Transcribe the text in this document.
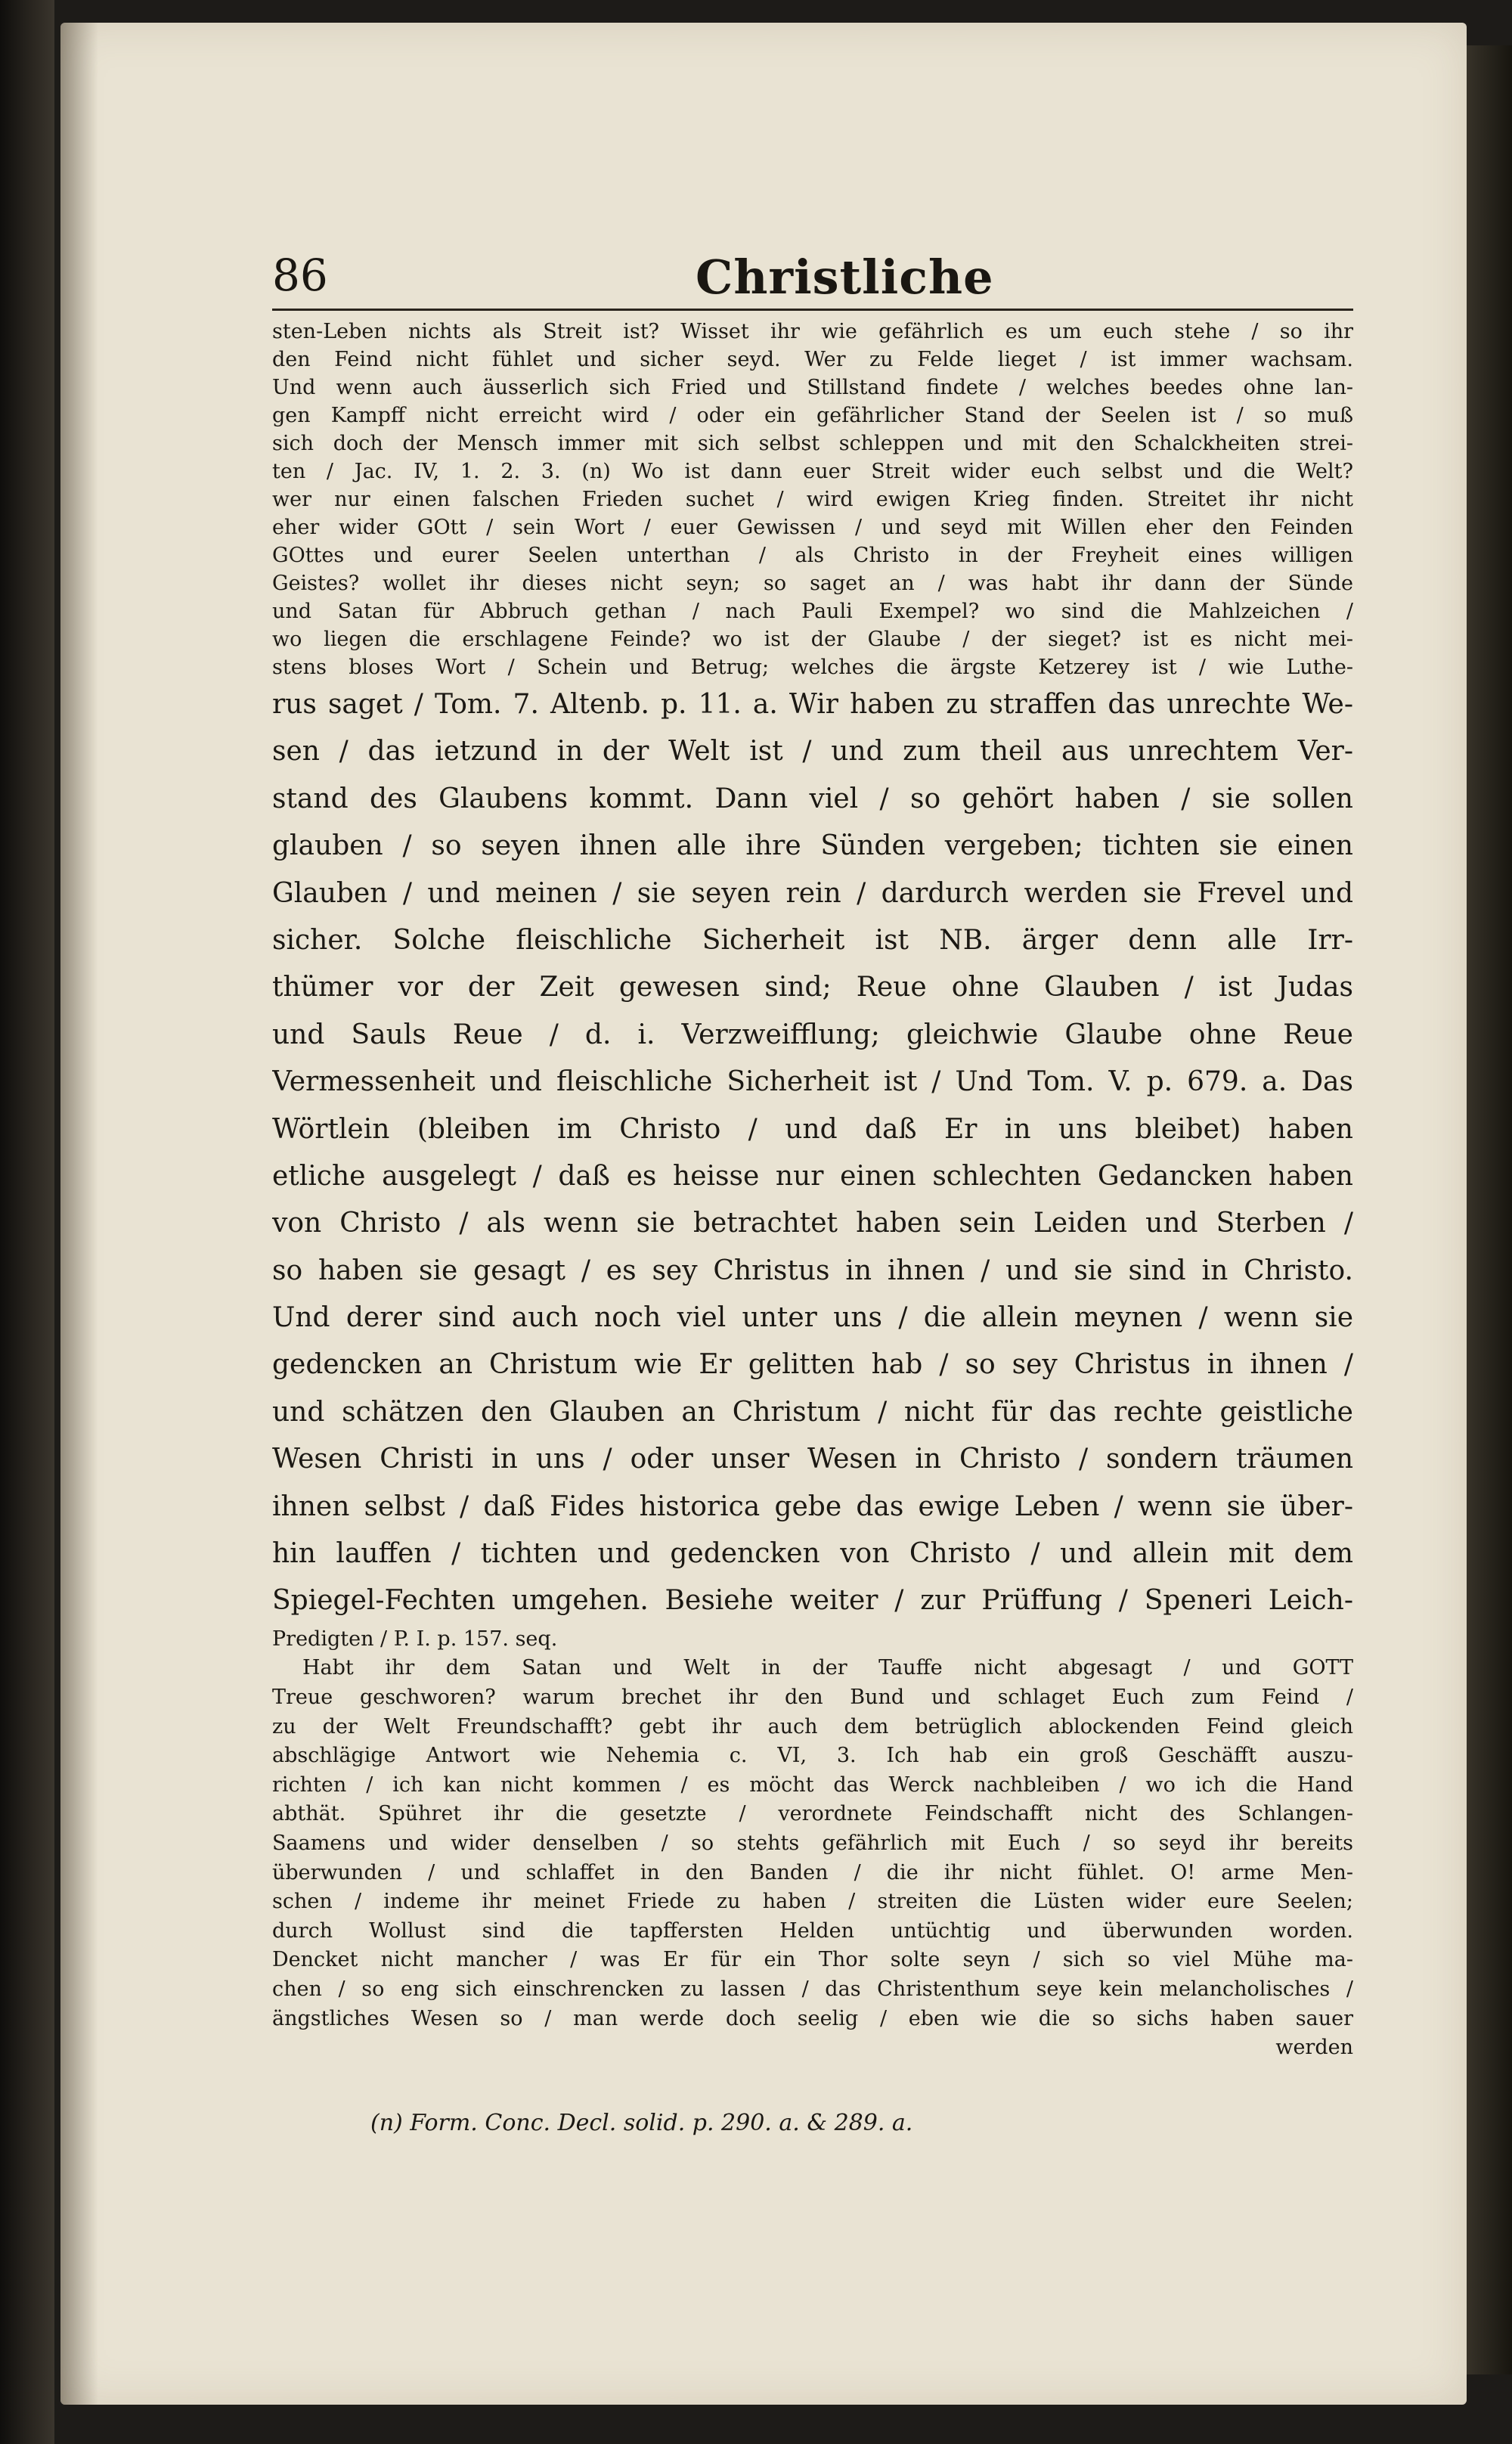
86	Christliche
sten-Leben nichts als Streit ist? Wisset ihr wie gefährlich es um euch stehe / so ihr
den Feind nicht fühlet und sicher seyd. Wer zu Felde lieget / ist immer wachsam.
Und wenn auch äusserlich sich Fried und Stillstand findete / welches beedes ohne lan-
gen Kampff nicht erreicht wird / oder ein gefährlicher Stand der Seelen ist / so muß
sich doch der Mensch immer mit sich selbst schleppen und mit den Schalckheiten strei-
ten / Jac. IV, 1. 2. 3. (n) Wo ist dann euer Streit wider euch selbst und die Welt?
wer nur einen falschen Frieden suchet / wird ewigen Krieg finden. Streitet ihr nicht
eher wider GOtt / sein Wort / euer Gewissen / und seyd mit Willen eher den Feinden
GOttes und eurer Seelen unterthan / als Christo in der Freyheit eines willigen
Geistes? wollet ihr dieses nicht seyn; so saget an / was habt ihr dann der Sünde
und Satan für Abbruch gethan / nach Pauli Exempel? wo sind die Mahlzeichen /
wo liegen die erschlagene Feinde? wo ist der Glaube / der sieget? ist es nicht mei-
stens bloses Wort / Schein und Betrug; welches die ärgste Ketzerey ist / wie Luthe-
rus saget / Tom. 7. Altenb. p. 11. a. Wir haben zu straffen das unrechte We-
sen / das ietzund in der Welt ist / und zum theil aus unrechtem Ver-
stand des Glaubens kommt. Dann viel / so gehört haben / sie sollen
glauben / so seyen ihnen alle ihre Sünden vergeben; tichten sie einen
Glauben / und meinen / sie seyen rein / dardurch werden sie Frevel und
sicher. Solche fleischliche Sicherheit ist NB. ärger denn alle Irr-
thümer vor der Zeit gewesen sind; Reue ohne Glauben / ist Judas
und Sauls Reue / d. i. Verzweifflung; gleichwie Glaube ohne Reue
Vermessenheit und fleischliche Sicherheit ist / Und Tom. V. p. 679. a. Das
Wörtlein (bleiben im Christo / und daß Er in uns bleibet) haben
etliche ausgelegt / daß es heisse nur einen schlechten Gedancken haben
von Christo / als wenn sie betrachtet haben sein Leiden und Sterben /
so haben sie gesagt / es sey Christus in ihnen / und sie sind in Christo.
Und derer sind auch noch viel unter uns / die allein meynen / wenn sie
gedencken an Christum wie Er gelitten hab / so sey Christus in ihnen /
und schätzen den Glauben an Christum / nicht für das rechte geistliche
Wesen Christi in uns / oder unser Wesen in Christo / sondern träumen
ihnen selbst / daß Fides historica gebe das ewige Leben / wenn sie über-
hin lauffen / tichten und gedencken von Christo / und allein mit dem
Spiegel-Fechten umgehen. Besiehe weiter / zur Prüffung / Speneri Leich-
Predigten / P. I. p. 157. seq.
Habt ihr dem Satan und Welt in der Tauffe nicht abgesagt / und GOTT
Treue geschworen? warum brechet ihr den Bund und schlaget Euch zum Feind /
zu der Welt Freundschafft? gebt ihr auch dem betrüglich ablockenden Feind gleich
abschlägige Antwort wie Nehemia c. VI, 3. Ich hab ein groß Geschäfft auszu-
richten / ich kan nicht kommen / es möcht das Werck nachbleiben / wo ich die Hand
abthät. Spühret ihr die gesetzte / verordnete Feindschafft nicht des Schlangen-
Saamens und wider denselben / so stehts gefährlich mit Euch / so seyd ihr bereits
überwunden / und schlaffet in den Banden / die ihr nicht fühlet. O! arme Men-
schen / indeme ihr meinet Friede zu haben / streiten die Lüsten wider eure Seelen;
durch Wollust sind die tapffersten Helden untüchtig und überwunden worden.
Dencket nicht mancher / was Er für ein Thor solte seyn / sich so viel Mühe ma-
chen / so eng sich einschrencken zu lassen / das Christenthum seye kein melancholisches /
ängstliches Wesen so / man werde doch seelig / eben wie die so sichs haben sauer
werden
(n) Form. Conc. Decl. solid. p. 290. a. & 289. a.
